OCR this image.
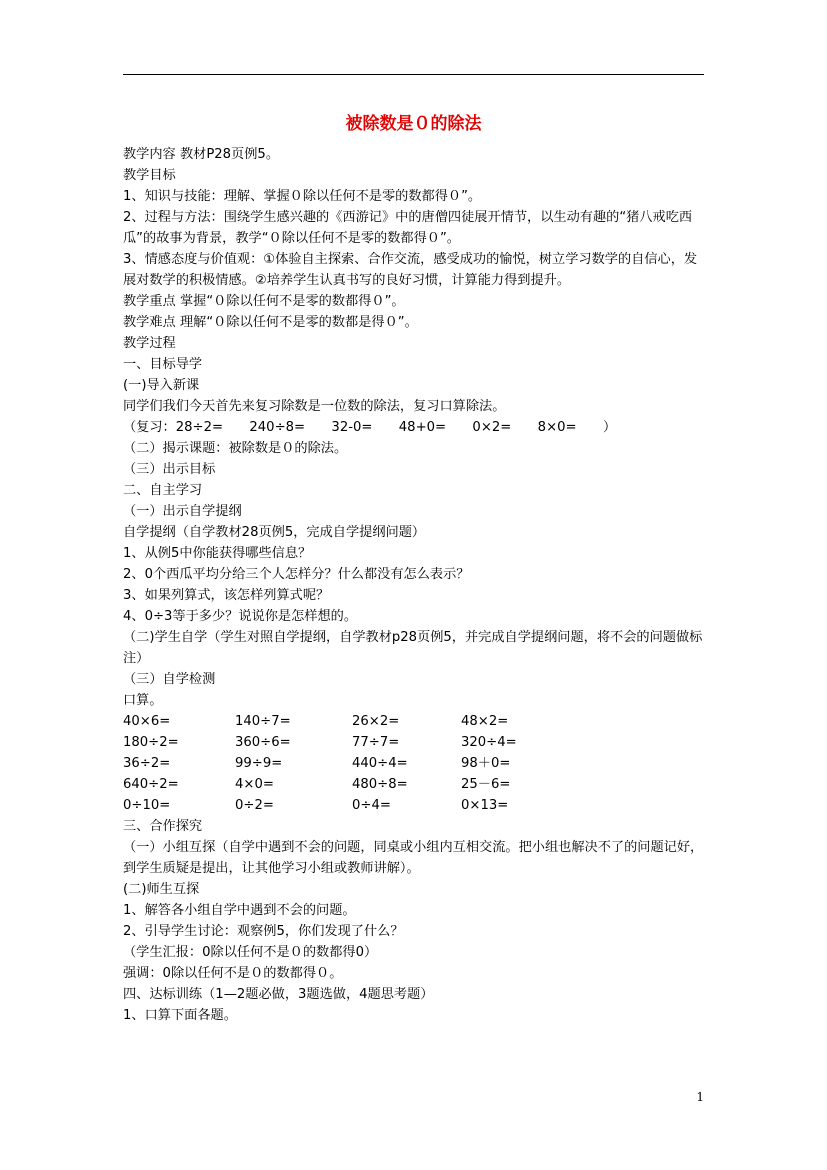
被除数是０的除法
教学内容 教材P28页例5。
教学目标
1、知识与技能：理解、掌握０除以任何不是零的数都得０”。
2、过程与方法：围绕学生感兴趣的《西游记》中的唐僧四徒展开情节，以生动有趣的“猪八戒吃西瓜”的故事为背景，教学“０除以任何不是零的数都得０”。
3、情感态度与价值观：①体验自主探索、合作交流，感受成功的愉悦，树立学习数学的自信心，发展对数学的积极情感。②培养学生认真书写的良好习惯，计算能力得到提升。
教学重点 掌握“０除以任何不是零的数都得０”。
教学难点 理解“０除以任何不是零的数都是得０”。
教学过程
一、目标导学
(一)导入新课
同学们我们今天首先来复习除数是一位数的除法，复习口算除法。
（复习：28÷2=　　240÷8=　　32-0=　　48+0=　　0×2=　　8×0=　　）
（二）揭示课题：被除数是０的除法。
（三）出示目标
二、自主学习
（一）出示自学提纲
自学提纲（自学教材28页例5，完成自学提纲问题）
1、从例5中你能获得哪些信息？
2、0个西瓜平均分给三个人怎样分？什么都没有怎么表示？
3、如果列算式，该怎样列算式呢？
4、0÷3等于多少？说说你是怎样想的。
（二)学生自学（学生对照自学提纲，自学教材p28页例5，并完成自学提纲问题，将不会的问题做标注）
（三）自学检测
口算。
40×6=	140÷7=	26×2=	48×2=
180÷2=	360÷6=	77÷7=	320÷4=
36÷2=	99÷9=	440÷4=	98＋0=
640÷2=	4×0=	480÷8=	25－6=
0÷10=	0÷2=	0÷4=	0×13=
三、合作探究
（一）小组互探（自学中遇到不会的问题，同桌或小组内互相交流。把小组也解决不了的问题记好，到学生质疑是提出，让其他学习小组或教师讲解）。
(二)师生互探
1、解答各小组自学中遇到不会的问题。
2、引导学生讨论：观察例5，你们发现了什么？
（学生汇报：0除以任何不是０的数都得0）
强调：0除以任何不是０的数都得０。
四、达标训练（1—2题必做，3题选做，4题思考题）
1、口算下面各题。
1
